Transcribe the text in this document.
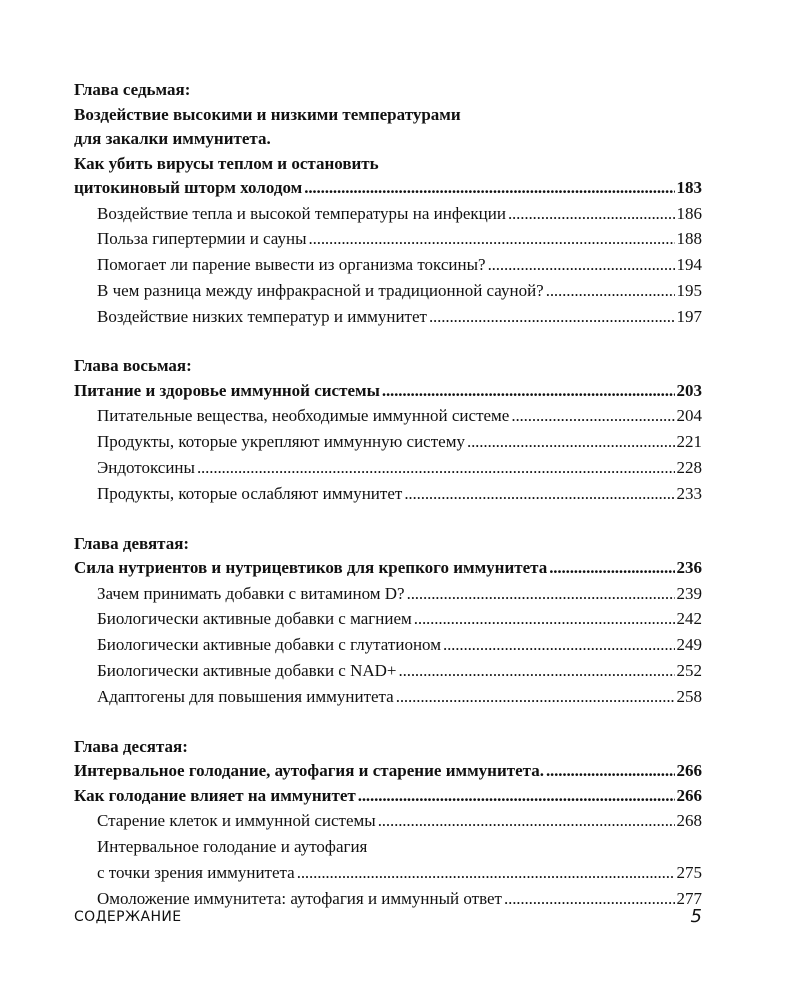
Глава седьмая:
Воздействие высокими и низкими температурами
для закалки иммунитета.
Как убить вирусы теплом и остановить
цитокиновый шторм холодом . . .	183
Воздействие тепла и высокой температуры на инфекции . . .	186
Польза гипертермии и сауны . . .	188
Помогает ли парение вывести из организма токсины? . . .	194
В чем разница между инфракрасной и традиционной сауной? . . .	195
Воздействие низких температур и иммунитет . . .	197
Глава восьмая:
Питание и здоровье иммунной системы . . .	203
Питательные вещества, необходимые иммунной системе . . .	204
Продукты, которые укрепляют иммунную систему . . .	221
Эндотоксины . . .	228
Продукты, которые ослабляют иммунитет . . .	233
Глава девятая:
Сила нутриентов и нутрицевтиков для крепкого иммунитета . . .	236
Зачем принимать добавки с витамином D? . . .	239
Биологически активные добавки с магнием . . .	242
Биологически активные добавки с глутатионом . . .	249
Биологически активные добавки с NAD+ . . .	252
Адаптогены для повышения иммунитета . . .	258
Глава десятая:
Интервальное голодание, аутофагия и старение иммунитета. . . .	266
Как голодание влияет на иммунитет . . .	266
Старение клеток и иммунной системы . . .	268
Интервальное голодание и аутофагия
с точки зрения иммунитета . . .	275
Омоложение иммунитета: аутофагия и иммунный ответ . . .	277
СОДЕРЖАНИЕ	5
